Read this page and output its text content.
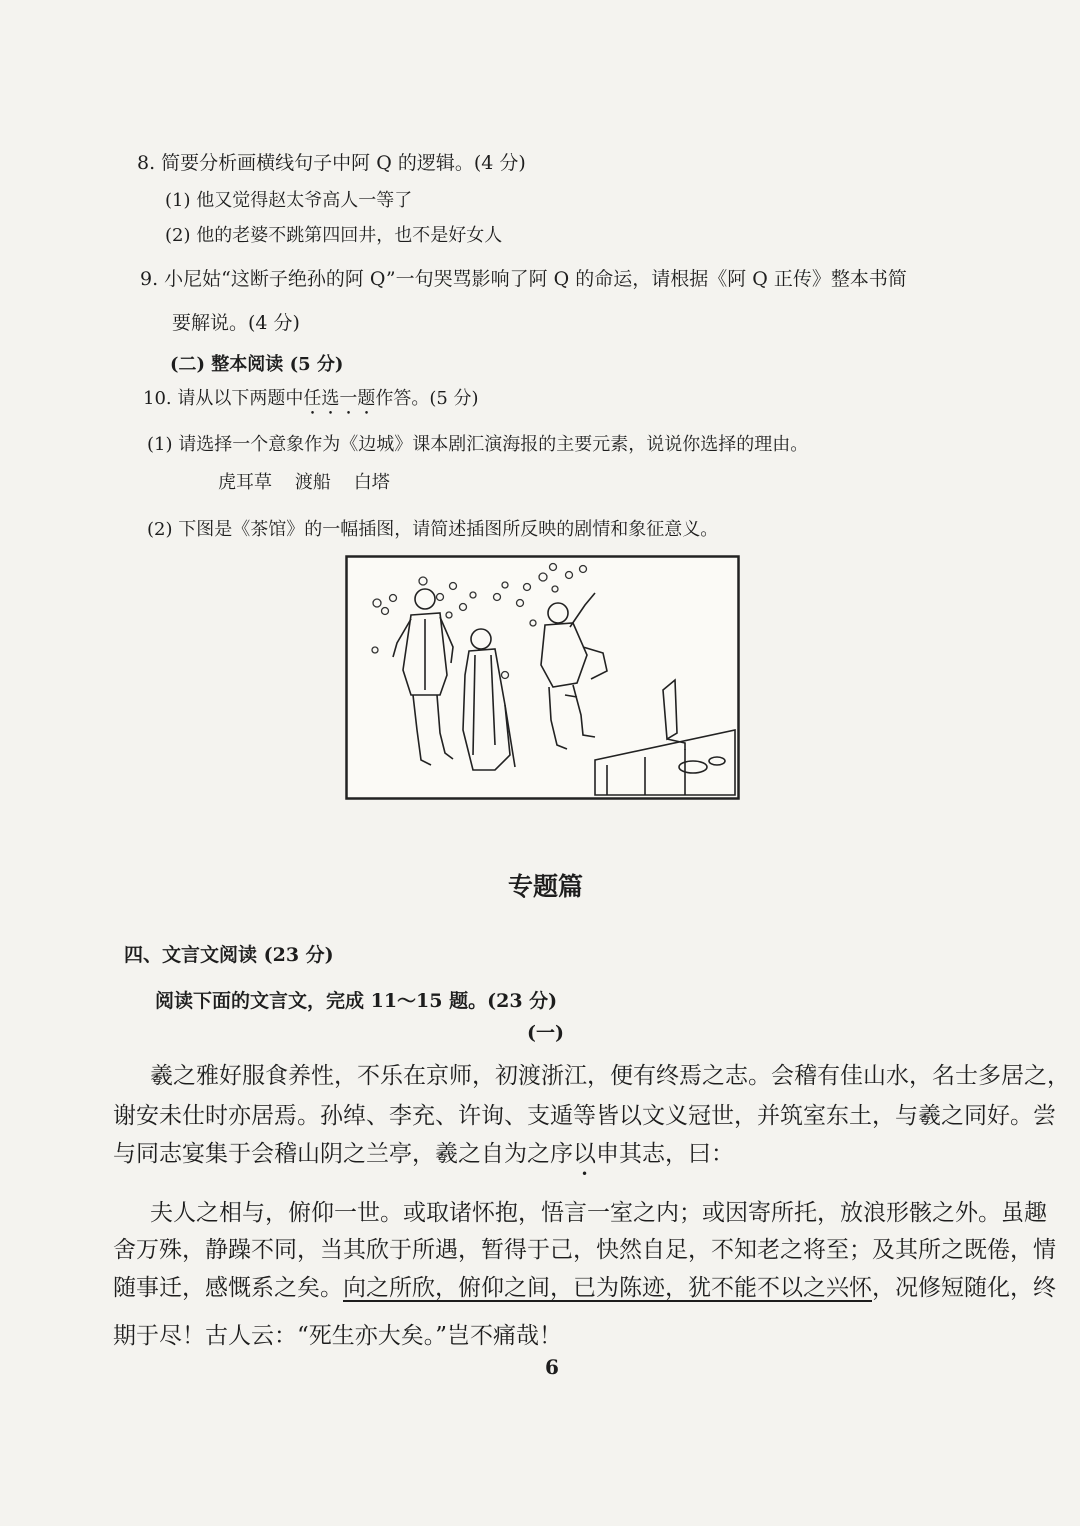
8. 简要分析画横线句子中阿 Q 的逻辑。(4 分)
(1) 他又觉得赵太爷高人一等了
(2) 他的老婆不跳第四回井，也不是好女人
9. 小尼姑“这断子绝孙的阿 Q”一句哭骂影响了阿 Q 的命运，请根据《阿 Q 正传》整本书简
要解说。(4 分)
(二) 整本阅读 (5 分)
10. 请从以下两题中任选一题作答。(5 分)
(1) 请选择一个意象作为《边城》课本剧汇演海报的主要元素，说说你选择的理由。
虎耳草    渡船    白塔
(2) 下图是《茶馆》的一幅插图，请简述插图所反映的剧情和象征意义。
专题篇
四、文言文阅读 (23 分)
阅读下面的文言文，完成 11～15 题。(23 分)
(一)
羲之雅好服食养性，不乐在京师，初渡浙江，便有终焉之志。会稽有佳山水，名士多居之，
谢安未仕时亦居焉。孙绰、李充、许询、支遁等皆以文义冠世，并筑室东土，与羲之同好。尝
与同志宴集于会稽山阴之兰亭，羲之自为之序以申其志，曰：
夫人之相与，俯仰一世。或取诸怀抱，悟言一室之内；或因寄所托，放浪形骸之外。虽趣
舍万殊，静躁不同，当其欣于所遇，暂得于己，快然自足，不知老之将至；及其所之既倦，情
随事迁，感慨系之矣。向之所欣，俯仰之间，已为陈迹，犹不能不以之兴怀，况修短随化，终
期于尽！古人云：“死生亦大矣。”岂不痛哉！
6
